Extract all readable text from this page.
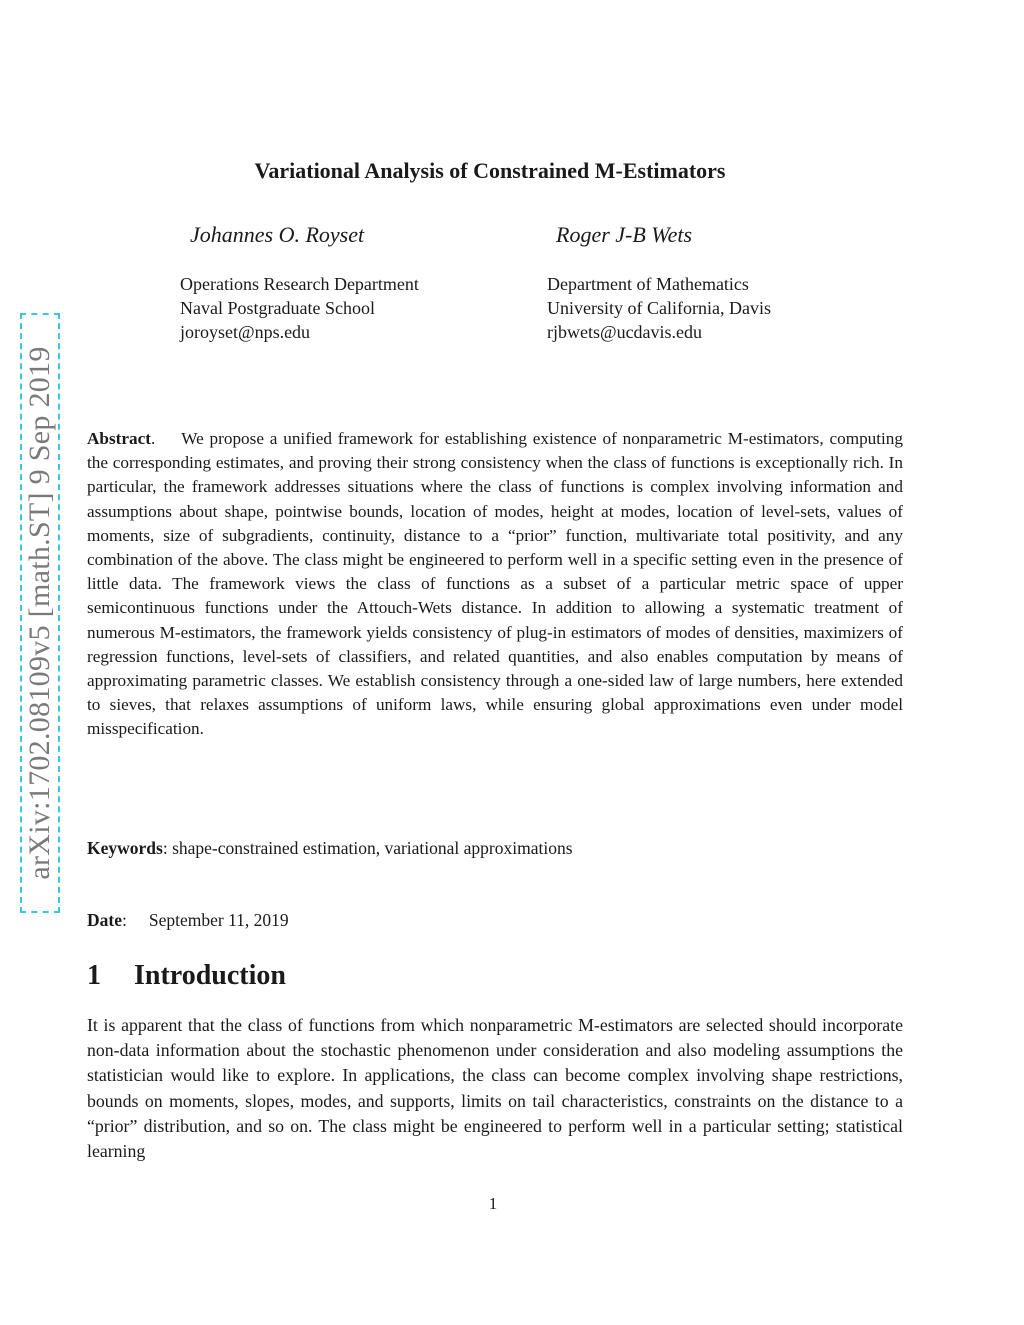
arXiv:1702.08109v5 [math.ST] 9 Sep 2019
Variational Analysis of Constrained M-Estimators
Johannes O. Royset	Roger J-B Wets
Operations Research Department
Naval Postgraduate School
joroyset@nps.edu
Department of Mathematics
University of California, Davis
rjbwets@ucdavis.edu
Abstract. We propose a unified framework for establishing existence of nonparametric M-estimators, computing the corresponding estimates, and proving their strong consistency when the class of functions is exceptionally rich. In particular, the framework addresses situations where the class of functions is complex involving information and assumptions about shape, pointwise bounds, location of modes, height at modes, location of level-sets, values of moments, size of subgradients, continuity, distance to a “prior” function, multivariate total positivity, and any combination of the above. The class might be engineered to perform well in a specific setting even in the presence of little data. The framework views the class of functions as a subset of a particular metric space of upper semicontinuous functions under the Attouch-Wets distance. In addition to allowing a systematic treatment of numerous M-estimators, the framework yields consistency of plug-in estimators of modes of densities, maximizers of regression functions, level-sets of classifiers, and related quantities, and also enables computation by means of approximating parametric classes. We establish consistency through a one-sided law of large numbers, here extended to sieves, that relaxes assumptions of uniform laws, while ensuring global approximations even under model misspecification.
Keywords: shape-constrained estimation, variational approximations
Date: September 11, 2019
1 Introduction
It is apparent that the class of functions from which nonparametric M-estimators are selected should incorporate non-data information about the stochastic phenomenon under consideration and also modeling assumptions the statistician would like to explore. In applications, the class can become complex involving shape restrictions, bounds on moments, slopes, modes, and supports, limits on tail characteristics, constraints on the distance to a “prior” distribution, and so on. The class might be engineered to perform well in a particular setting; statistical learning
1
